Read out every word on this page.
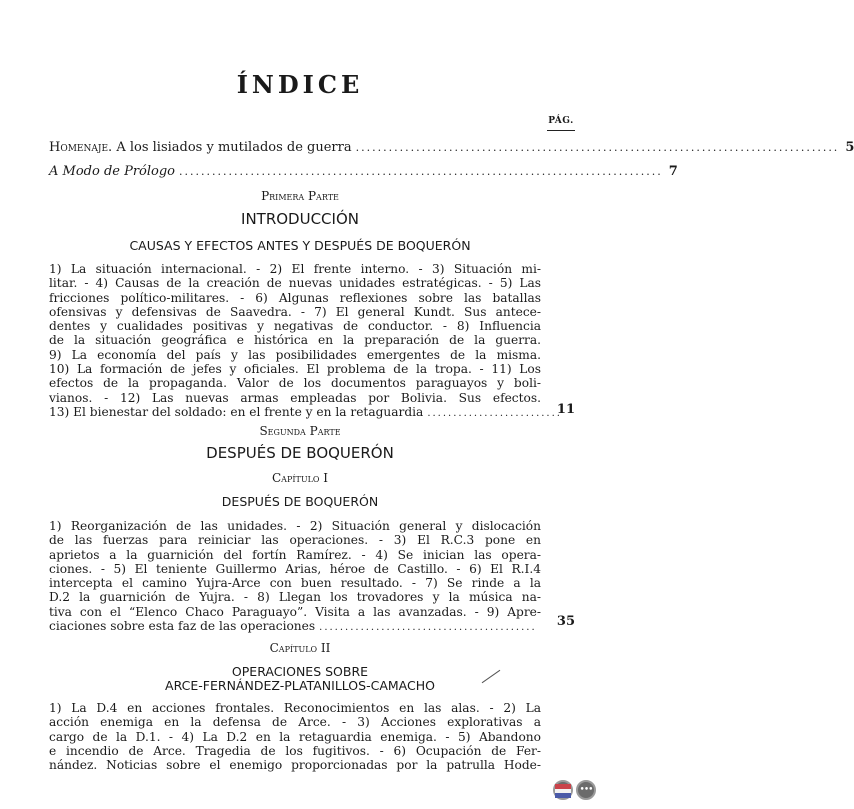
ÍNDICE
PÁG.
Homenaje. A los lisiados y mutilados de guerra ........................................................................................ 5
A Modo de Prólogo ........................................................................................ 7
Primera Parte
INTRODUCCIÓN
CAUSAS Y EFECTOS ANTES Y DESPUÉS DE BOQUERÓN
1) La situación internacional. - 2) El frente interno. - 3) Situación mi-
litar. - 4) Causas de la creación de nuevas unidades estratégicas. - 5) Las
fricciones político-militares. - 6) Algunas reflexiones sobre las batallas
ofensivas y defensivas de Saavedra. - 7) El general Kundt. Sus antece-
dentes y cualidades positivas y negativas de conductor. - 8) Influencia
de la situación geográfica e histórica en la preparación de la guerra.
9) La economía del país y las posibilidades emergentes de la misma.
10) La formación de jefes y oficiales. El problema de la tropa. - 11) Los
efectos de la propaganda. Valor de los documentos paraguayos y boli-
vianos. - 12) Las nuevas armas empleadas por Bolivia. Sus efectos.
13) El bienestar del soldado: en el frente y en la retaguardia ..........................
11
Segunda Parte
DESPUÉS DE BOQUERÓN
Capítulo I
DESPUÉS DE BOQUERÓN
1) Reorganización de las unidades. - 2) Situación general y dislocación
de las fuerzas para reiniciar las operaciones. - 3) El R.C.3 pone en
aprietos a la guarnición del fortín Ramírez. - 4) Se inician las opera-
ciones. - 5) El teniente Guillermo Arias, héroe de Castillo. - 6) El R.I.4
intercepta el camino Yujra-Arce con buen resultado. - 7) Se rinde a la
D.2 la guarnición de Yujra. - 8) Llegan los trovadores y la música na-
tiva con el “Elenco Chaco Paraguayo”. Visita a las avanzadas. - 9) Apre-
ciaciones sobre esta faz de las operaciones ..........................................	35
Capítulo II
OPERACIONES SOBRE
ARCE-FERNÁNDEZ-PLATANILLOS-CAMACHO
1) La D.4 en acciones frontales. Reconocimientos en las alas. - 2) La
acción enemiga en la defensa de Arce. - 3) Acciones explorativas a
cargo de la D.1. - 4) La D.2 en la retaguardia enemiga. - 5) Abandono
e incendio de Arce. Tragedia de los fugitivos. - 6) Ocupación de Fer-
nández. Noticias sobre el enemigo proporcionadas por la patrulla Hode-
•••
